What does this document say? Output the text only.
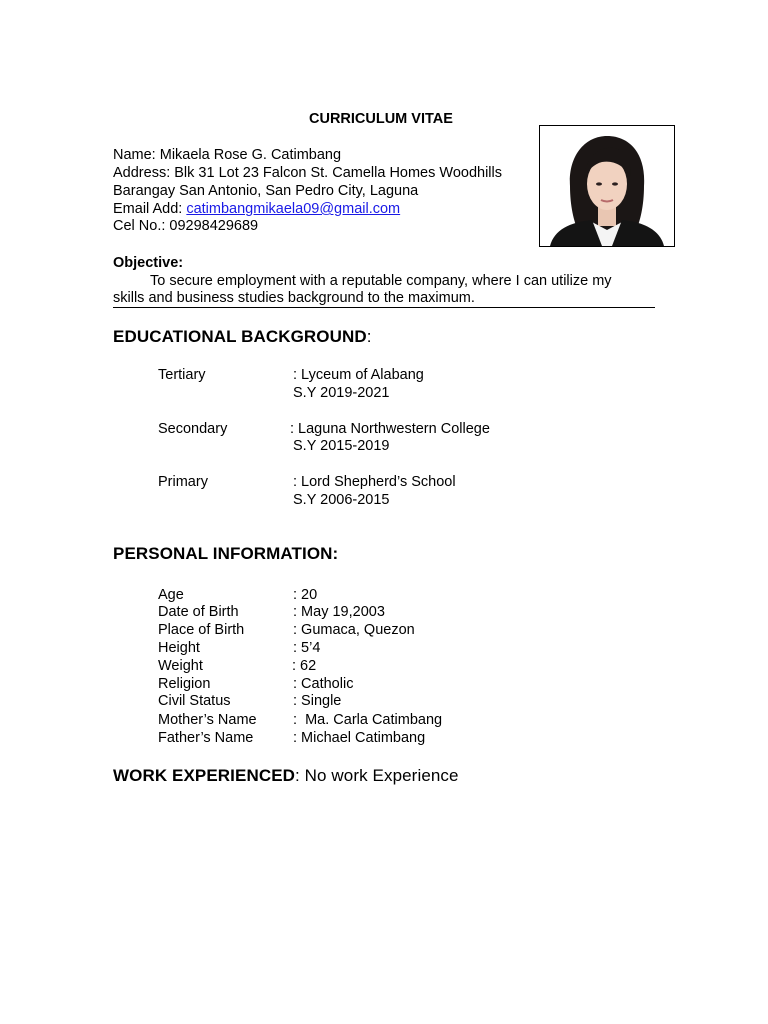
CURRICULUM VITAE
Name: Mikaela Rose G. Catimbang
Address: Blk 31 Lot 23 Falcon St. Camella Homes Woodhills
Barangay San Antonio, San Pedro City, Laguna
Email Add: catimbangmikaela09@gmail.com
Cel No.: 09298429689
Objective:
To secure employment with a reputable company, where I can utilize my
skills and business studies background to the maximum.
EDUCATIONAL BACKGROUND:
Tertiary	: Lyceum of Alabang
S.Y 2019-2021
Secondary	: Laguna Northwestern College
S.Y 2015-2019
Primary	: Lord Shepherd’s School
S.Y 2006-2015
PERSONAL INFORMATION:
Age	: 20
Date of Birth	: May 19,2003
Place of Birth	: Gumaca, Quezon
Height	: 5’4
Weight	: 62
Religion	: Catholic
Civil Status	: Single
Mother’s Name	:  Ma. Carla Catimbang
Father’s Name	: Michael Catimbang
WORK EXPERIENCED: No work Experience
